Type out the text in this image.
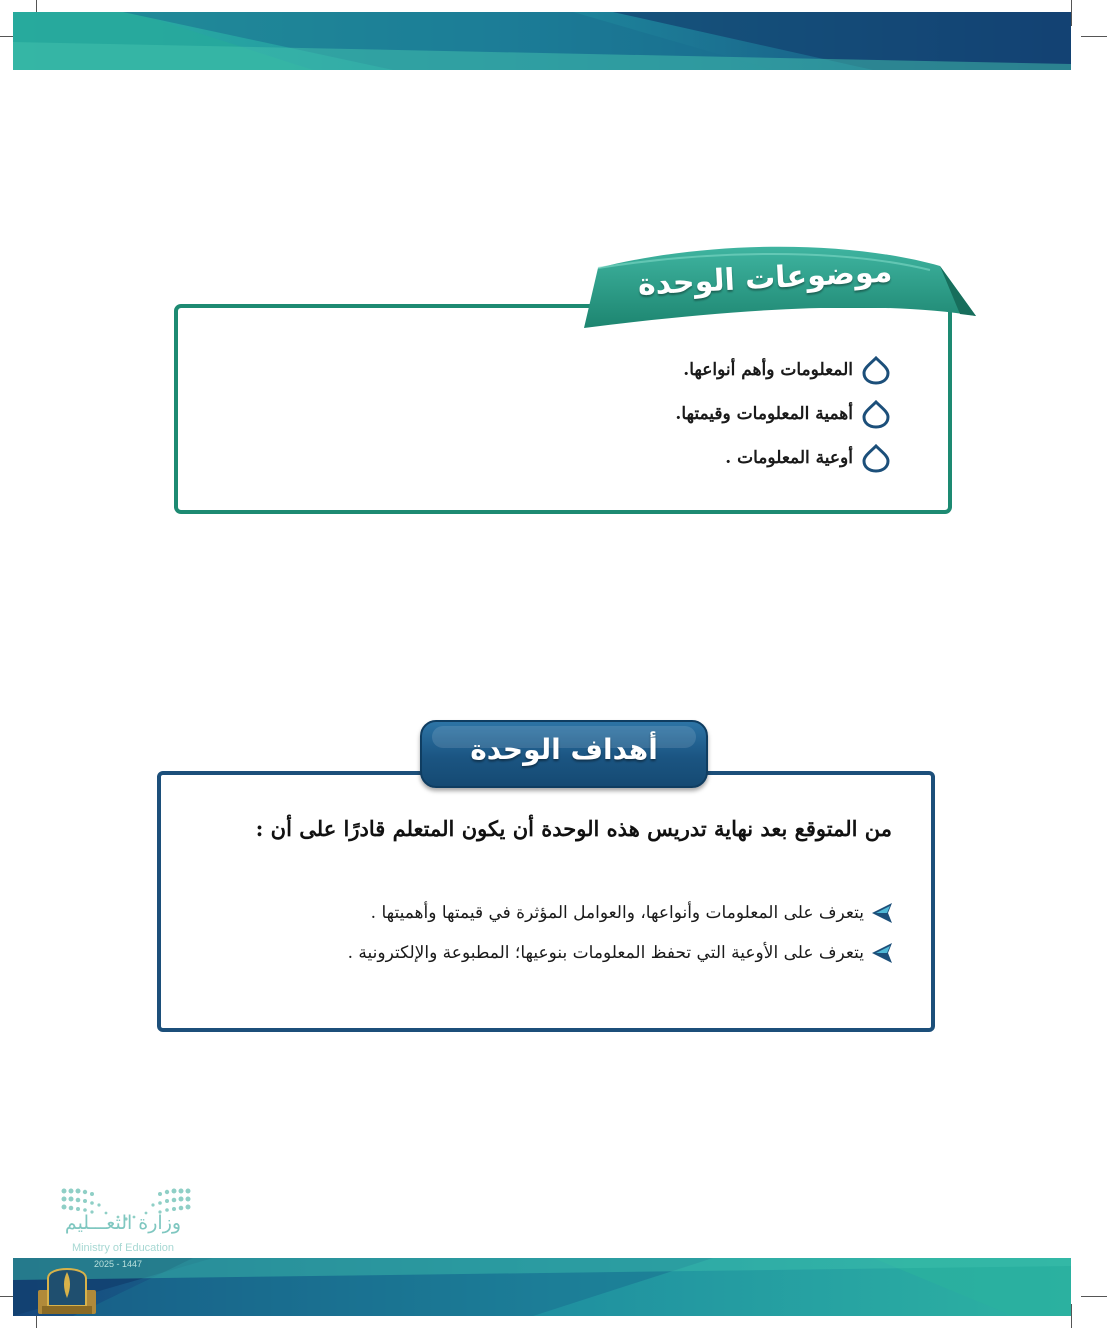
موضوعات الوحدة
المعلومات وأهم أنواعها.
أهمية المعلومات وقيمتها.
أوعية المعلومات .
أهداف الوحدة
من المتوقع بعد نهاية تدريس هذه الوحدة أن يكون المتعلم قادرًا على أن :
يتعرف على المعلومات وأنواعها، والعوامل المؤثرة في قيمتها وأهميتها .
يتعرف على الأوعية التي تحفظ المعلومات بنوعيها؛ المطبوعة والإلكترونية .
وزارة التعـــليم
Ministry of Education
2025 - 1447
